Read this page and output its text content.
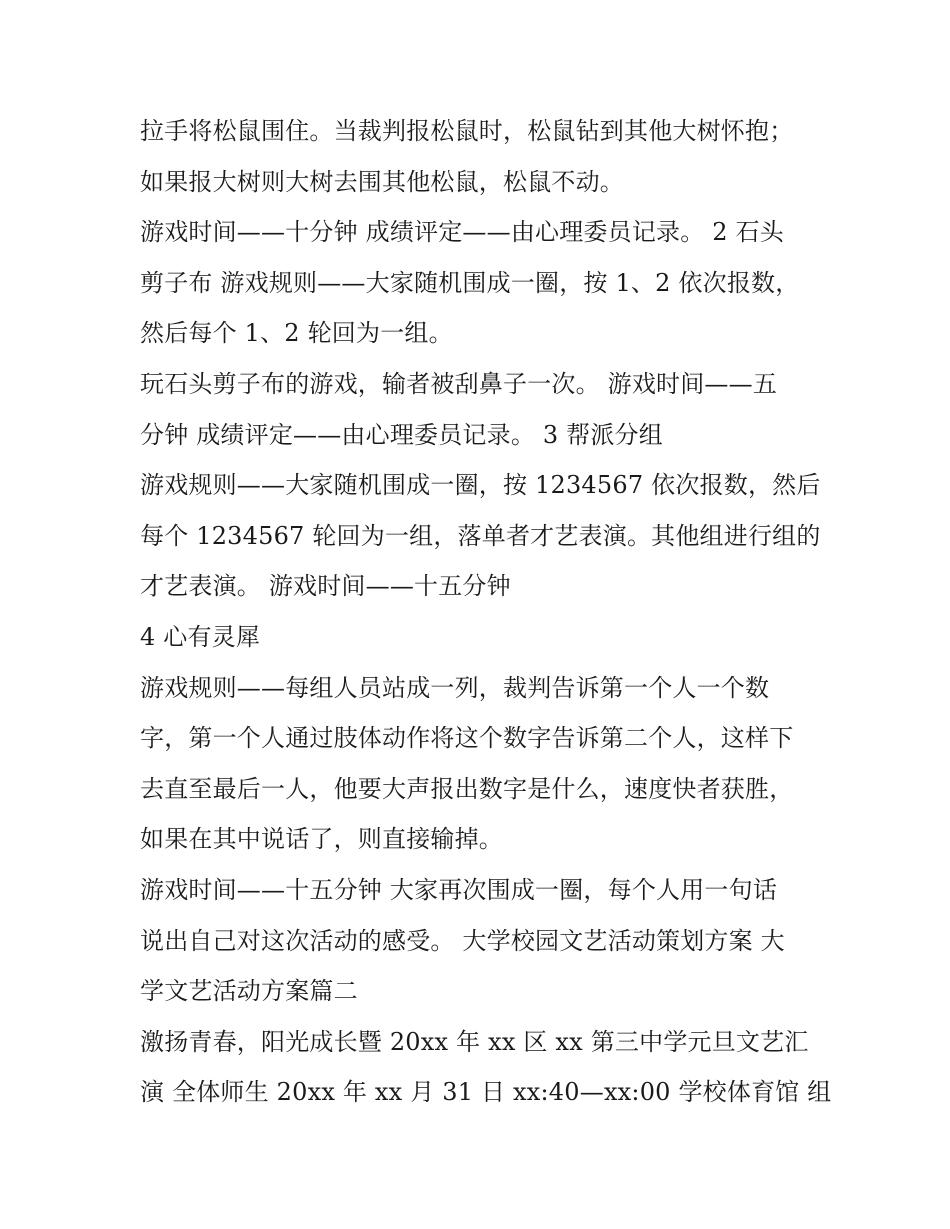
拉手将松鼠围住。当裁判报松鼠时，松鼠钻到其他大树怀抱；
如果报大树则大树去围其他松鼠，松鼠不动。
游戏时间——十分钟 成绩评定——由心理委员记录。 2 石头
剪子布 游戏规则——大家随机围成一圈，按 1、2 依次报数，
然后每个 1、2 轮回为一组。
玩石头剪子布的游戏，输者被刮鼻子一次。 游戏时间——五
分钟 成绩评定——由心理委员记录。 3 帮派分组
游戏规则——大家随机围成一圈，按 1234567 依次报数，然后
每个 1234567 轮回为一组，落单者才艺表演。其他组进行组的
才艺表演。 游戏时间——十五分钟
4 心有灵犀
游戏规则——每组人员站成一列，裁判告诉第一个人一个数
字，第一个人通过肢体动作将这个数字告诉第二个人，这样下
去直至最后一人，他要大声报出数字是什么，速度快者获胜，
如果在其中说话了，则直接输掉。
游戏时间——十五分钟 大家再次围成一圈，每个人用一句话
说出自己对这次活动的感受。 大学校园文艺活动策划方案 大
学文艺活动方案篇二
激扬青春，阳光成长暨 20xx 年 xx 区 xx 第三中学元旦文艺汇
演 全体师生 20xx 年 xx 月 31 日 xx:40—xx:00 学校体育馆 组
